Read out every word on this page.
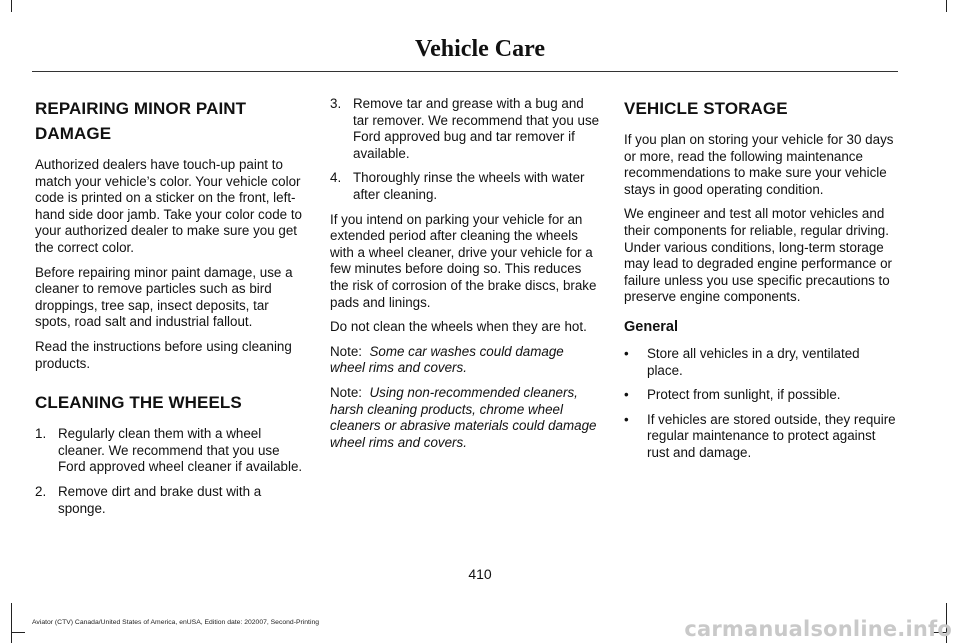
Vehicle Care
REPAIRING MINOR PAINT
DAMAGE

Authorized dealers have touch-up paint to match your vehicle’s color. Your vehicle color code is printed on a sticker on the front, left-hand side door jamb. Take your color code to your authorized dealer to make sure you get the correct color.

Before repairing minor paint damage, use a cleaner to remove particles such as bird droppings, tree sap, insect deposits, tar spots, road salt and industrial fallout.

Read the instructions before using cleaning products.

CLEANING THE WHEELS
1. Regularly clean them with a wheel cleaner. We recommend that you use Ford approved wheel cleaner if available.
2. Remove dirt and brake dust with a sponge.
3. Remove tar and grease with a bug and tar remover. We recommend that you use Ford approved bug and tar remover if available.
4. Thoroughly rinse the wheels with water after cleaning.

If you intend on parking your vehicle for an extended period after cleaning the wheels with a wheel cleaner, drive your vehicle for a few minutes before doing so. This reduces the risk of corrosion of the brake discs, brake pads and linings.

Do not clean the wheels when they are hot.

Note: Some car washes could damage wheel rims and covers.

Note: Using non-recommended cleaners, harsh cleaning products, chrome wheel cleaners or abrasive materials could damage wheel rims and covers.

VEHICLE STORAGE

If you plan on storing your vehicle for 30 days or more, read the following maintenance recommendations to make sure your vehicle stays in good operating condition.

We engineer and test all motor vehicles and their components for reliable, regular driving. Under various conditions, long-term storage may lead to degraded engine performance or failure unless you use specific precautions to preserve engine components.

General
• Store all vehicles in a dry, ventilated place.
• Protect from sunlight, if possible.
• If vehicles are stored outside, they require regular maintenance to protect against rust and damage.
410
Aviator (CTV) Canada/United States of America, enUSA, Edition date: 202007, Second-Printing	carmanualsonline.info
